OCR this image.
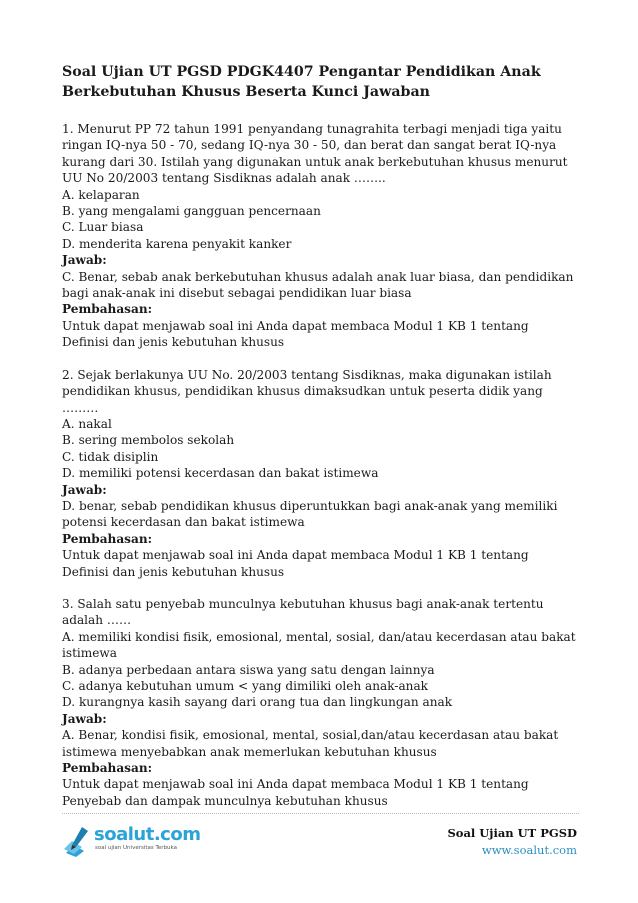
Soal Ujian UT PGSD PDGK4407 Pengantar Pendidikan Anak Berkebutuhan Khusus Beserta Kunci Jawaban

1. Menurut PP 72 tahun 1991 penyandang tunagrahita terbagi menjadi tiga yaitu ringan IQ-nya 50 - 70, sedang IQ-nya 30 - 50, dan berat dan sangat berat IQ-nya kurang dari 30. Istilah yang digunakan untuk anak berkebutuhan khusus menurut UU No 20/2003 tentang Sisdiknas adalah anak ……..

A. kelaparan

B. yang mengalami gangguan pencernaan

C. Luar biasa

D. menderita karena penyakit kanker

Jawab:

C. Benar, sebab anak berkebutuhan khusus adalah anak luar biasa, dan pendidikan bagi anak-anak ini disebut sebagai pendidikan luar biasa

Pembahasan:

Untuk dapat menjawab soal ini Anda dapat membaca Modul 1 KB 1 tentang Definisi dan jenis kebutuhan khusus

2. Sejak berlakunya UU No. 20/2003 tentang Sisdiknas, maka digunakan istilah pendidikan khusus, pendidikan khusus dimaksudkan untuk peserta didik yang ………

A. nakal

B. sering membolos sekolah

C. tidak disiplin

D. memiliki potensi kecerdasan dan bakat istimewa

Jawab:

D. benar, sebab pendidikan khusus diperuntukkan bagi anak-anak yang memiliki potensi kecerdasan dan bakat istimewa

Pembahasan:

Untuk dapat menjawab soal ini Anda dapat membaca Modul 1 KB 1 tentang Definisi dan jenis kebutuhan khusus

3. Salah satu penyebab munculnya kebutuhan khusus bagi anak-anak tertentu adalah ……

A. memiliki kondisi fisik, emosional, mental, sosial, dan/atau kecerdasan atau bakat istimewa

B. adanya perbedaan antara siswa yang satu dengan lainnya

C. adanya kebutuhan umum < yang dimiliki oleh anak-anak

D. kurangnya kasih sayang dari orang tua dan lingkungan anak

Jawab:

A. Benar, kondisi fisik, emosional, mental, sosial,dan/atau kecerdasan atau bakat istimewa menyebabkan anak memerlukan kebutuhan khusus

Pembahasan:

Untuk dapat menjawab soal ini Anda dapat membaca Modul 1 KB 1 tentang Penyebab dan dampak munculnya kebutuhan khusus

soalut.com
soal ujian Universitas Terbuka
Soal Ujian UT PGSD
www.soalut.com
